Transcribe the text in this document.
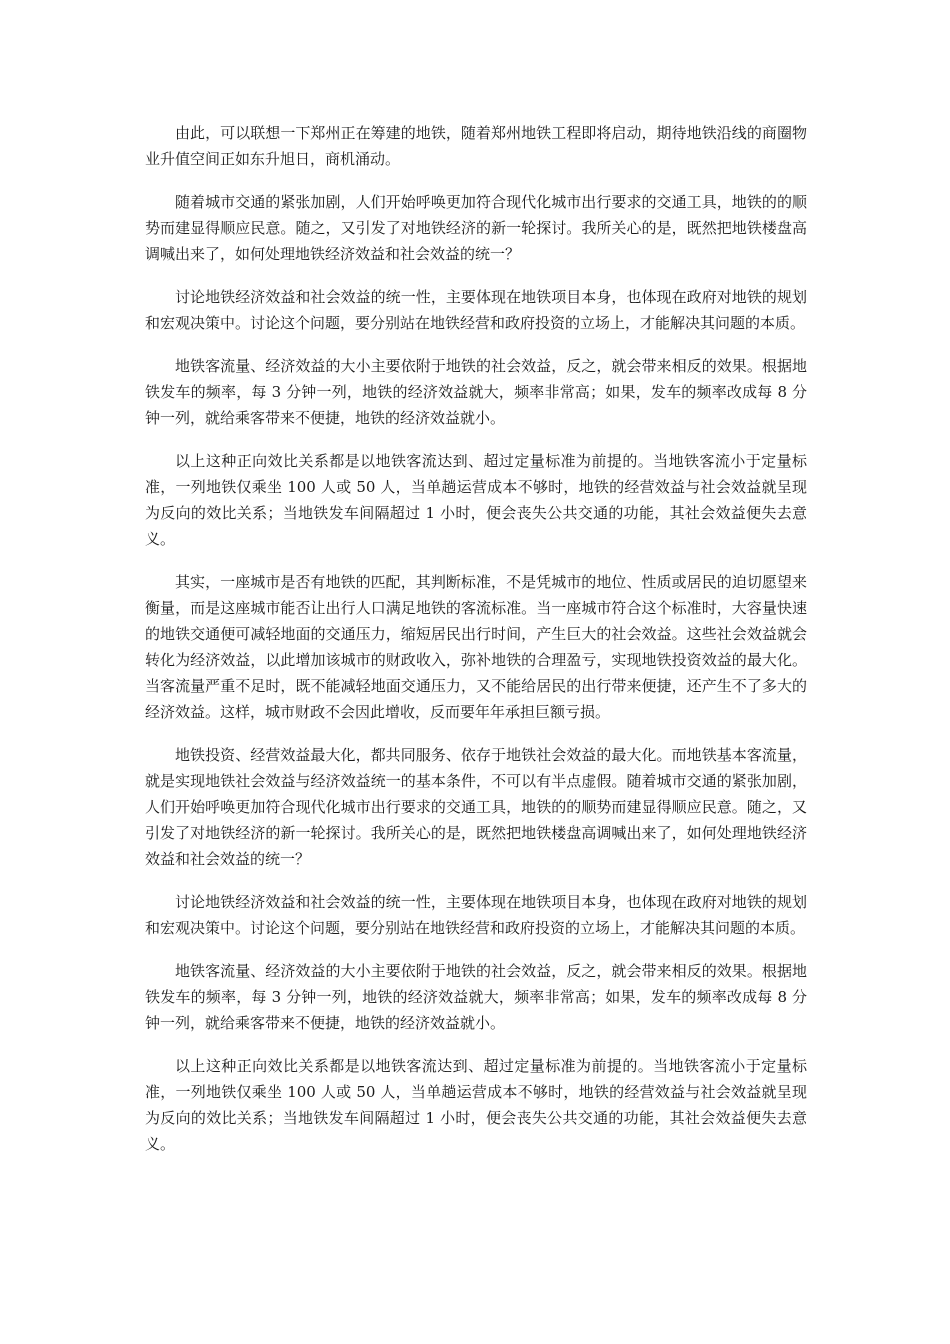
由此，可以联想一下郑州正在筹建的地铁，随着郑州地铁工程即将启动，期待地铁沿线的商圈物业升值空间正如东升旭日，商机涌动。

随着城市交通的紧张加剧，人们开始呼唤更加符合现代化城市出行要求的交通工具，地铁的的顺势而建显得顺应民意。随之，又引发了对地铁经济的新一轮探讨。我所关心的是，既然把地铁楼盘高调喊出来了，如何处理地铁经济效益和社会效益的统一？

讨论地铁经济效益和社会效益的统一性，主要体现在地铁项目本身，也体现在政府对地铁的规划和宏观决策中。讨论这个问题，要分别站在地铁经营和政府投资的立场上，才能解决其问题的本质。

地铁客流量、经济效益的大小主要依附于地铁的社会效益，反之，就会带来相反的效果。根据地铁发车的频率，每 3 分钟一列，地铁的经济效益就大，频率非常高；如果，发车的频率改成每 8 分钟一列，就给乘客带来不便捷，地铁的经济效益就小。

以上这种正向效比关系都是以地铁客流达到、超过定量标准为前提的。当地铁客流小于定量标准，一列地铁仅乘坐 100 人或 50 人，当单趟运营成本不够时，地铁的经营效益与社会效益就呈现为反向的效比关系；当地铁发车间隔超过 1 小时，便会丧失公共交通的功能，其社会效益便失去意义。

其实，一座城市是否有地铁的匹配，其判断标准，不是凭城市的地位、性质或居民的迫切愿望来衡量，而是这座城市能否让出行人口满足地铁的客流标准。当一座城市符合这个标准时，大容量快速的地铁交通便可减轻地面的交通压力，缩短居民出行时间，产生巨大的社会效益。这些社会效益就会转化为经济效益，以此增加该城市的财政收入，弥补地铁的合理盈亏，实现地铁投资效益的最大化。当客流量严重不足时，既不能减轻地面交通压力，又不能给居民的出行带来便捷，还产生不了多大的经济效益。这样，城市财政不会因此增收，反而要年年承担巨额亏损。

地铁投资、经营效益最大化，都共同服务、依存于地铁社会效益的最大化。而地铁基本客流量，就是实现地铁社会效益与经济效益统一的基本条件，不可以有半点虚假。随着城市交通的紧张加剧，人们开始呼唤更加符合现代化城市出行要求的交通工具，地铁的的顺势而建显得顺应民意。随之，又引发了对地铁经济的新一轮探讨。我所关心的是，既然把地铁楼盘高调喊出来了，如何处理地铁经济效益和社会效益的统一？

讨论地铁经济效益和社会效益的统一性，主要体现在地铁项目本身，也体现在政府对地铁的规划和宏观决策中。讨论这个问题，要分别站在地铁经营和政府投资的立场上，才能解决其问题的本质。

地铁客流量、经济效益的大小主要依附于地铁的社会效益，反之，就会带来相反的效果。根据地铁发车的频率，每 3 分钟一列，地铁的经济效益就大，频率非常高；如果，发车的频率改成每 8 分钟一列，就给乘客带来不便捷，地铁的经济效益就小。

以上这种正向效比关系都是以地铁客流达到、超过定量标准为前提的。当地铁客流小于定量标准，一列地铁仅乘坐 100 人或 50 人，当单趟运营成本不够时，地铁的经营效益与社会效益就呈现为反向的效比关系；当地铁发车间隔超过 1 小时，便会丧失公共交通的功能，其社会效益便失去意义。
